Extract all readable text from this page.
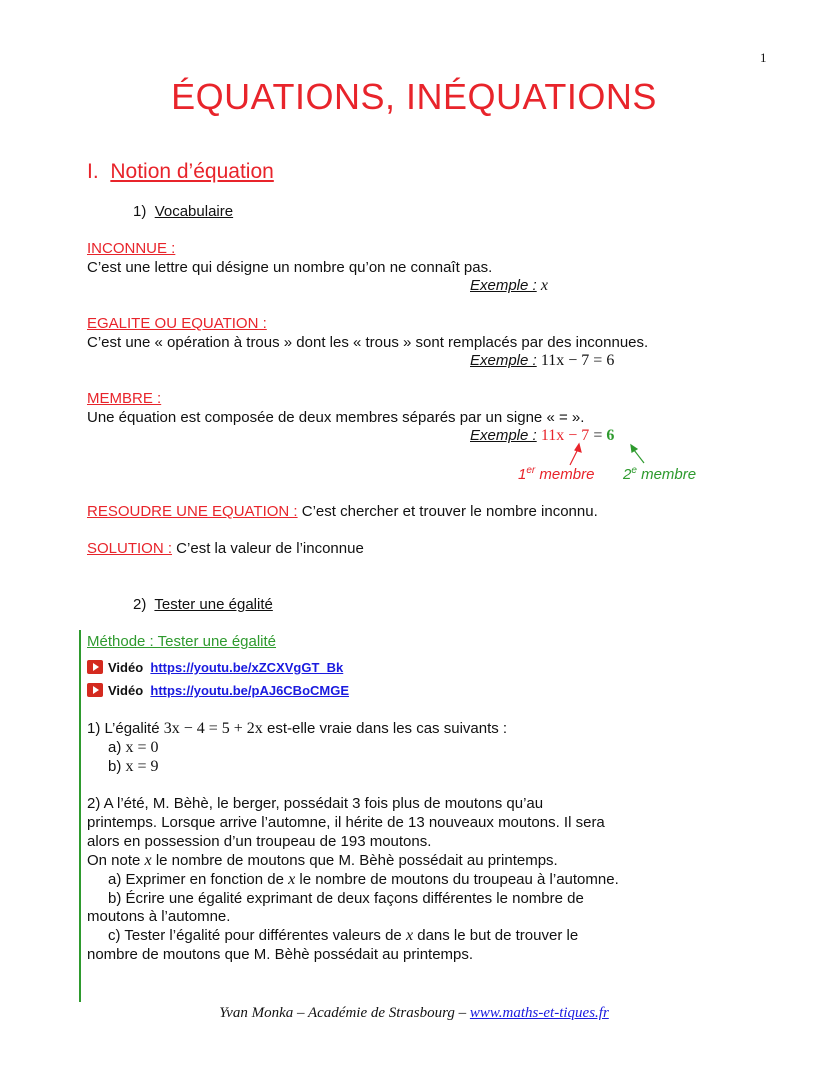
1
ÉQUATIONS, INÉQUATIONS
I. Notion d’équation
1) Vocabulaire
INCONNUE :
C’est une lettre qui désigne un nombre qu’on ne connaît pas.
Exemple : x
EGALITE OU EQUATION :
C’est une « opération à trous » dont les « trous » sont remplacés par des inconnues.
Exemple : 11x − 7 = 6
MEMBRE :
Une équation est composée de deux membres séparés par un signe « = ».
Exemple : 11x − 7 = 6
1er membre 2e membre
RESOUDRE UNE EQUATION : C’est chercher et trouver le nombre inconnu.
SOLUTION : C’est la valeur de l’inconnue
2) Tester une égalité
Méthode : Tester une égalité
Vidéo https://youtu.be/xZCXVgGT_Bk
Vidéo https://youtu.be/pAJ6CBoCMGE
1) L’égalité 3x − 4 = 5 + 2x est-elle vraie dans les cas suivants :
a) x = 0
b) x = 9
2) A l’été, M. Bèhè, le berger, possédait 3 fois plus de moutons qu’au
printemps. Lorsque arrive l’automne, il hérite de 13 nouveaux moutons. Il sera
alors en possession d’un troupeau de 193 moutons.
On note x le nombre de moutons que M. Bèhè possédait au printemps.
a) Exprimer en fonction de x le nombre de moutons du troupeau à l’automne.
b) Écrire une égalité exprimant de deux façons différentes le nombre de
moutons à l’automne.
c) Tester l’égalité pour différentes valeurs de x dans le but de trouver le
nombre de moutons que M. Bèhè possédait au printemps.
Yvan Monka – Académie de Strasbourg – www.maths-et-tiques.fr
